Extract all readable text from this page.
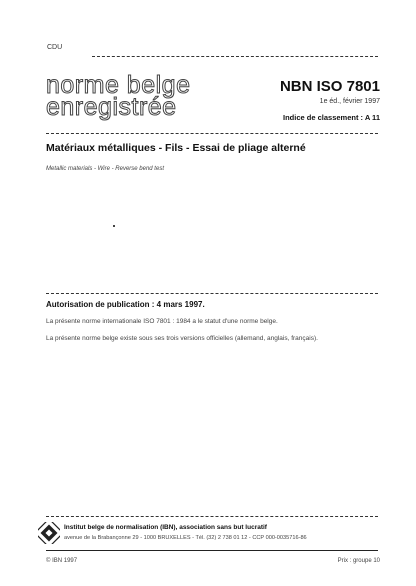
CDU
norme belge
enregistrée
NBN ISO 7801
1e éd., février 1997
Indice de classement : A 11
Matériaux métalliques - Fils - Essai de pliage alterné
Metallic materials - Wire - Reverse bend test
Autorisation de publication : 4 mars 1997.
La présente norme internationale ISO 7801 : 1984 a le statut d'une norme belge.
La présente norme belge existe sous ses trois versions officielles (allemand, anglais, français).
Institut belge de normalisation (IBN), association sans but lucratif
avenue de la Brabançonne 29 - 1000 BRUXELLES - Tél. (32) 2 738 01 12 - CCP 000-0035716-86
© IBN 1997	Prix : groupe 10
